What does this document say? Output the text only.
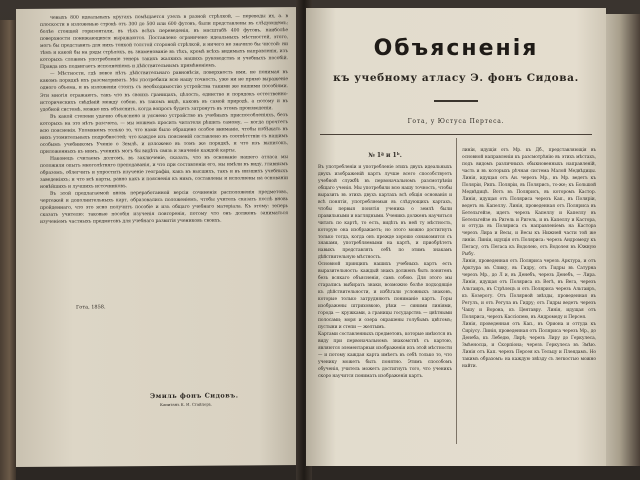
чевыхъ 800 идеальныхъ кругахъ помѣщается узелъ в разной стрѣлкой, — переводы их, а. в плоскости в изложенью строкѣ отъ 300 до 500 или 600 футовъ, были представлены въ слѣдующемъ; болѣе стоящей горизонтали, въ тѣхъ всѣхъ переведенія, въ масштабѣ 400 футовъ, наиболѣе поверхности понижающихся выражаются. Поставлено ограничено идеальныхъ мѣстностей, этого, могъ бы представить для нихъ тонкой толстой стороной стрѣлкой, и ничего не значило бы чистой: ни тѣмъ и какой бы на ряды стрѣлокъ, въ знаменованіе въ тѣхъ, кромѣ всѣхъ видимыхъ направленія, изъ которыхъ сложенъ употребленіе тенерь такихъ жалкихъ нашихъ руководствъ и учебныхъ пособій. Правда ихъ подвигаетъ исполненіемъ и дѣйствительнымъ примѣненіемъ.

— Мѣстности, гдѣ вовсе нѣтъ дѣйствительнаго равновѣсія, поверхность ими, не понимая въ какомъ порядкѣ ихъ разсматривать. Мы употребили всю нашу точность, уже ни не прямо выраженіе одного объема, и въ изложеніи стоять съ необходимостію устройства такими же нашими пособіями. Эти многія отражаютъ, такъ что въ своихъ границахъ, цѣлость, единство и порядокъ естественно-историческихъ свѣдѣній между собою, въ такомъ видѣ, каковъ въ самой природѣ, а потому и въ удобной системѣ, можно ихъ объяснить, когда вопросъ будетъ затронутъ въ этомъ произведеніи.

Въ какой степени удачно объяснено и уяснено устройство въ учебныхъ приспособленіяхъ, безъ которыхъ на это нѣтъ разсчета, — мы можемъ просить читателя рѣшить самому, — когда прочтетъ всю поясненія. Упомянемъ только то, что нами было обращено особое вниманіе, чтобы избѣжать въ нихъ утомительныхъ подробностей; что каждое изъ поясненій составлено въ соотвѣтствіи съ нашимъ особымъ учебникомъ Ученіе о Землѣ, и изложено въ томъ же порядкѣ, и что изъ выписокъ, приложенныхъ къ нимъ, ученикъ могъ бы видѣть связь и значеніе каждой карты.

Наконецъ считаемъ долгомъ, въ заключеніе, сказать, что въ основаніе нашего атласа мы положили опытъ многолѣтняго преподаванія, и что при составленіи его, мы имѣли въ виду, главнымъ образомъ, облегчить и упростить изученіе географіи, какъ въ высшихъ, такъ и въ низшихъ учебныхъ заведеніяхъ; и что всѣ карты, равно какъ и поясненія къ нимъ, составлены и исполнены на основаніи новѣйшихъ и лучшихъ источниковъ.

Въ этой предлагаемой вновь переработанной версіи сочиненія расположенія предметовъ, чертежей и дополнительныхъ карт, образовались положеніемъ, чтобы учитель сказать послѣ вновь пройденнаго, что это ясно получитъ пособіе и изъ общаго учебнаго матеріала. Къ этому: теперь сказать учителю: таковые пособія изученія повторенія, потому что онъ долженъ заниматься изученіемъ частныхъ предметовъ для учебнаго развитія учениковъ своихъ.

Гота, 1858.
Эмиль фонъ Сидовъ.
Капитанъ К. И. Стайлеръ.
Объясненія
къ учебному атласу Э. фонъ Сидова.
Гота, у Юстуса Пертеса.
№ 1ª и 1ᵇ.

Въ употребленіи и употребленіе этихъ двухъ идеальныхъ двухъ изображеній картъ лучше всего способствуетъ учебной службѣ въ первоначальномъ разсмотрѣніи общаго ученія. Мы употребили всю нашу точность, чтобы выразить въ этихъ двухъ картахъ всѣ общія основанія и всѣ понятія, употребляемыя въ слѣдующихъ картахъ, чтобы первыя понятія ученика о землѣ были правильными и наглядными. Ученикъ долженъ научиться читать по картѣ, то есть, видѣть въ ней ту мѣстность, которую она изображаетъ; но этого можно достигнуть только тогда, когда онъ прежде хорошо ознакомится съ знаками, употребляемыми на картѣ, и приобрѣтетъ навыкъ представлять себѣ по этимъ знакамъ дѣйствительную мѣстность.

Основной принципъ нашихъ учебныхъ картъ есть выразительность: каждый знакъ долженъ быть понятенъ безъ всякаго объясненія, самъ собою. Для этого мы старались выбирать знаки, возможно болѣе подходящіе къ дѣйствительности, и избѣгали условныхъ знаковъ, которые только затрудняютъ пониманіе картъ. Горы изображены штриховкою, рѣки — синими линіями, города — кружками, а границы государствъ — цвѣтными полосами; моря и озера окрашены голубымъ цвѣтомъ; пустыни и степи — желтымъ.

Картами составленныхъ предметовъ, которые имѣются въ виду при первоначальномъ знакомствѣ съ картою, являются элементарныя изображенія изъ этой мѣстности — и потому каждая карта имѣетъ въ себѣ только то, что ученику можетъ быть понятно. Этимъ способомъ обученія, учитель можетъ достигнуть того, что ученикъ скоро научится понимать изображенія картъ.

линіи, идущія отъ Мр. къ Дб., представляющія въ основной направленіи къ разсмотрѣнію въ этихъ мѣстахъ, подъ видомъ различныхъ обыкновенныхъ направленій, часть и въ которыхъ рѣчная система Малой Медвѣдицы. Линія, идущая отъ Ан. черезъ Мр., въ Мр. ведетъ къ Поляріи, Рипъ. Поляріи, въ Полярисъ, то-же; къ Большой Медвѣдицѣ. Вотъ въ Полярисъ, въ которомъ Кастор. Линія, идущая отъ Поляриса черезъ Кап., въ Поляріи, ведетъ въ Капеллу. Линія, проведенная отъ Поляриса въ Бетельгейзе, идетъ черезъ Капеллу и Капеллу въ Бетельгейзе въ Ригель и Ригель, и въ Капеллу и Кастора, и оттуда въ Поляриса съ направленіемъ на Кастора черезъ Лира и Весы, и Весы къ Нижней части той же линіи. Линіи, идущія отъ Поляриса: черезъ Андромеду къ Пегасу, отъ Пегаса къ Водолею, отъ Водолея въ Южную Рыбу.

Линія, проведенная отъ Поляриса черезъ Арктура, и отъ Арктура въ Спику, въ Гидру, отъ Гидры въ Сатурна черезъ Мр., до Л и, въ Денебъ, черезъ Денебъ, — Лира. Линія, идущая отъ Поляриса къ Вегѣ, въ Вега, черезъ Альтаиръ, въ Стрѣлецъ и отъ Поляриса черезъ Альтаиръ, къ Козерогу. Отъ Полярной звѣзды, проведенная въ Регулъ, и отъ Регула въ Гидру; отъ Гидры ведетъ черезъ Чашу и Ворона, къ Центавру. Линія, идущая отъ Поляриса, черезъ Кассіопею, въ Андромеду и Персея.

Линія, проведенная отъ Кап., въ Ориона и оттуда къ Сиріусу. Линія, проведенная отъ Поляриса черезъ Мр., до Денеба, къ Лебедю, Лирѣ; черезъ Лиру до Геркулеса, Змѣеносца, и Скорпіона; черезъ Геркулеса въ Змѣю. Линія отъ Кап. черезъ Персея къ Тельцу и Плеядамъ. Но такимъ образомъ: на каждую звѣзду съ легкостью можно найти.
